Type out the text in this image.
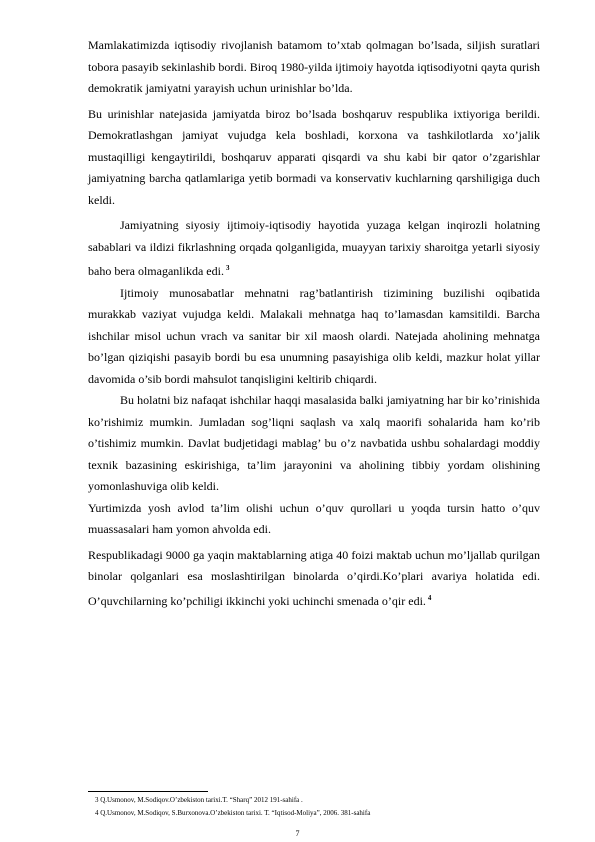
Mamlakatimizda iqtisodiy rivojlanish batamom to’xtab qolmagan bo’lsada, siljish suratlari tobora pasayib sekinlashib bordi. Biroq 1980-yilda ijtimoiy hayotda iqtisodiyotni qayta qurish demokratik jamiyatni yarayish uchun urinishlar bo’lda.

Bu urinishlar natejasida jamiyatda biroz bo’lsada boshqaruv respublika ixtiyoriga berildi. Demokratlashgan jamiyat vujudga kela boshladi, korxona va tashkilotlarda xo’jalik mustaqilligi kengaytirildi, boshqaruv apparati qisqardi va shu kabi bir qator o’zgarishlar jamiyatning barcha qatlamlariga yetib bormadi va konservativ kuchlarning qarshiligiga duch keldi.

Jamiyatning siyosiy ijtimoiy-iqtisodiy hayotida yuzaga kelgan inqirozli holatning sabablari va ildizi fikrlashning orqada qolganligida, muayyan tarixiy sharoitga yetarli siyosiy baho bera olmaganlikda edi. $^3$

Ijtimoiy munosabatlar mehnatni rag’batlantirish tizimining buzilishi oqibatida murakkab vaziyat vujudga keldi. Malakali mehnatga haq to’lamasdan kamsitildi. Barcha ishchilar misol uchun vrach va sanitar bir xil maosh olardi. Natejada aholining mehnatga bo’lgan qiziqishi pasayib bordi bu esa unumning pasayishiga olib keldi, mazkur holat yillar davomida o’sib bordi mahsulot tanqisligini keltirib chiqardi.

Bu holatni biz nafaqat ishchilar haqqi masalasida balki jamiyatning har bir ko’rinishida ko’rishimiz mumkin. Jumladan sog’liqni saqlash va xalq maorifi sohalarida ham ko’rib o’tishimiz mumkin. Davlat budjetidagi mablag’ bu o’z navbatida ushbu sohalardagi moddiy texnik bazasining eskirishiga, ta’lim jarayonini va aholining tibbiy yordam olishining yomonlashuviga olib keldi.

Yurtimizda yosh avlod ta’lim olishi uchun o’quv qurollari u yoqda tursin hatto o’quv muassasalari ham yomon ahvolda edi.

Respublikadagi 9000 ga yaqin maktablarning atiga 40 foizi maktab uchun mo’ljallab qurilgan binolar qolganlari esa moslashtirilgan binolarda o’qirdi.Ko’plari avariya holatida edi. O’quvchilarning ko’pchiligi ikkinchi yoki uchinchi smenada o’qir edi. $^4$

3 Q.Usmonov, M.Sodiqov.O’zbekiston tarixi.T. “Sharq” 2012 191-sahifa .
4 Q.Usmonov, M.Sodiqov, S.Burxonova.O’zbekiston tarixi. T. “Iqtisod-Moliya”, 2006. 381-sahifa
7
